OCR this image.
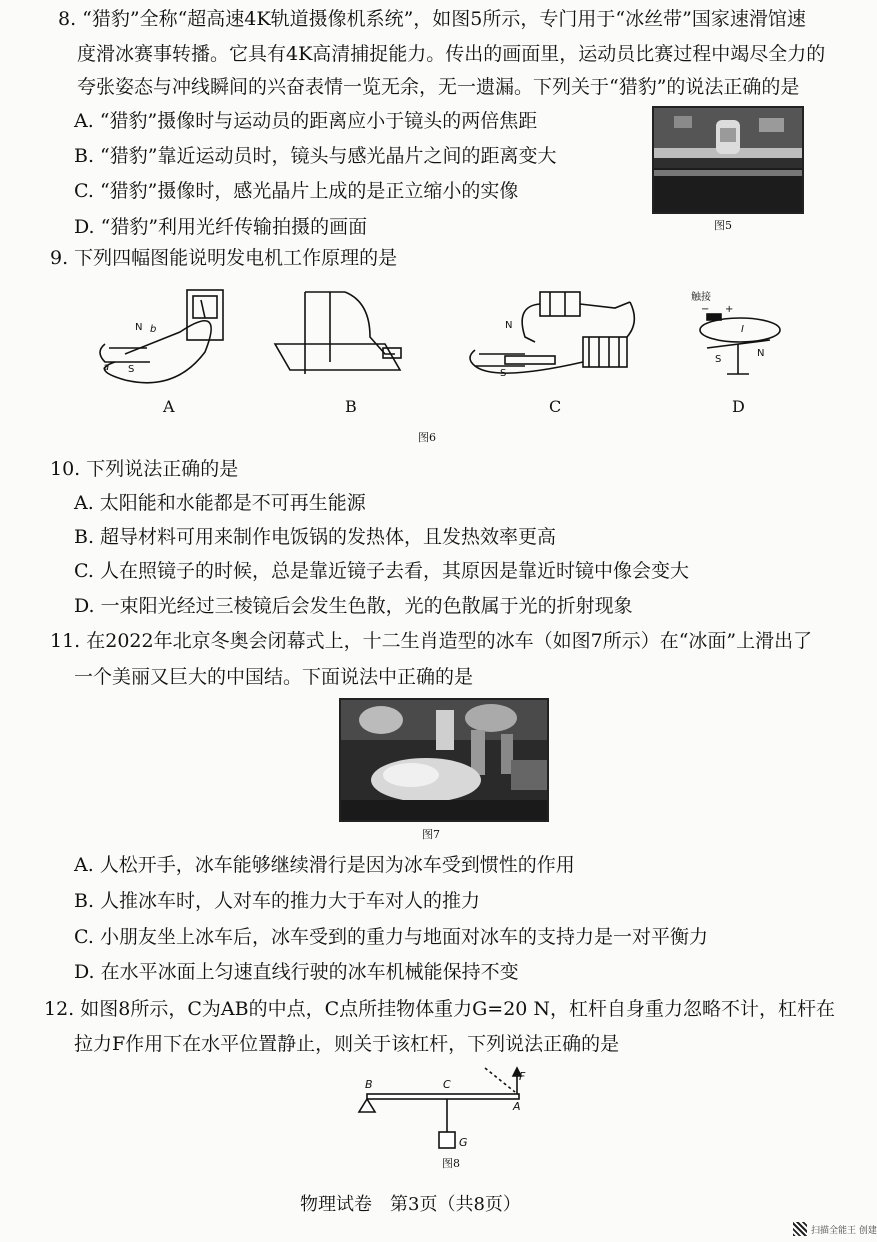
8. “猎豹”全称“超高速4K轨道摄像机系统”，如图5所示，专门用于“冰丝带”国家速滑馆速
度滑冰赛事转播。它具有4K高清捕捉能力。传出的画面里，运动员比赛过程中竭尽全力的
夸张姿态与冲线瞬间的兴奋表情一览无余，无一遗漏。下列关于“猎豹”的说法正确的是
A. “猎豹”摄像时与运动员的距离应小于镜头的两倍焦距
B. “猎豹”靠近运动员时，镜头与感光晶片之间的距离变大
C. “猎豹”摄像时，感光晶片上成的是正立缩小的实像
D. “猎豹”利用光纤传输拍摄的画面	图5
9. 下列四幅图能说明发电机工作原理的是
N
S
a
b	N
S
触接
− +
I
S
N
A	B	C	D
图6
10. 下列说法正确的是
A. 太阳能和水能都是不可再生能源
B. 超导材料可用来制作电饭锅的发热体，且发热效率更高
C. 人在照镜子的时候，总是靠近镜子去看，其原因是靠近时镜中像会变大
D. 一束阳光经过三棱镜后会发生色散，光的色散属于光的折射现象
11. 在2022年北京冬奥会闭幕式上，十二生肖造型的冰车（如图7所示）在“冰面”上滑出了
一个美丽又巨大的中国结。下面说法中正确的是
图7
A. 人松开手，冰车能够继续滑行是因为冰车受到惯性的作用
B. 人推冰车时，人对车的推力大于车对人的推力
C. 小朋友坐上冰车后，冰车受到的重力与地面对冰车的支持力是一对平衡力
D. 在水平冰面上匀速直线行驶的冰车机械能保持不变
12. 如图8所示，C为AB的中点，C点所挂物体重力G=20 N，杠杆自身重力忽略不计，杠杆在
拉力F作用下在水平位置静止，则关于该杠杆，下列说法正确的是
B	C
A
F
G
图8
物理试卷　第3页（共8页）
扫描全能王 创建
